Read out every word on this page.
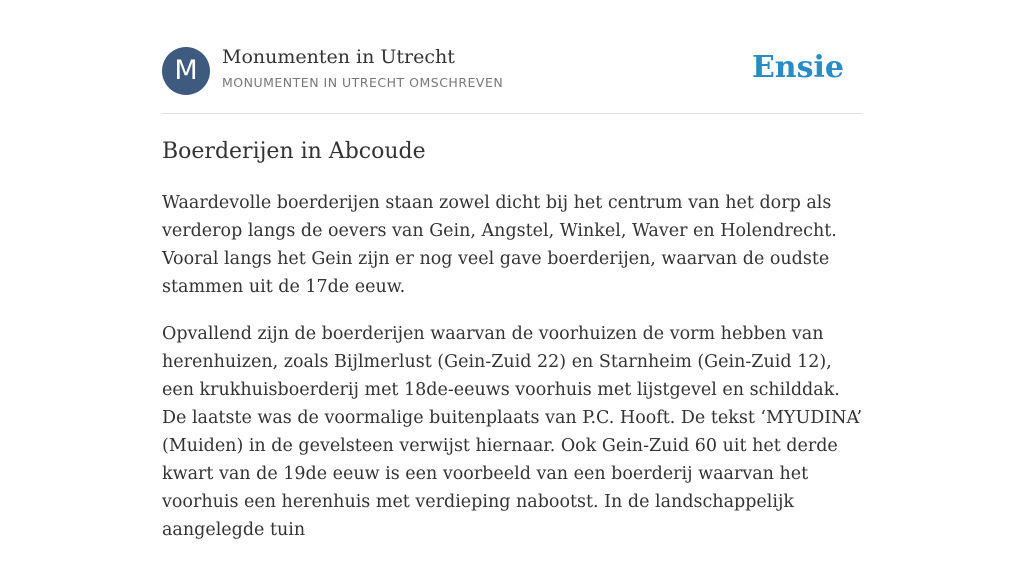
M	Monumenten in Utrecht
MONUMENTEN IN UTRECHT OMSCHREVEN	Ensie
Boerderijen in Abcoude

Waardevolle boerderijen staan zowel dicht bij het centrum van het dorp als verderop langs de oevers van Gein, Angstel, Winkel, Waver en Holendrecht. Vooral langs het Gein zijn er nog veel gave boerderijen, waarvan de oudste stammen uit de 17de eeuw.

Opvallend zijn de boerderijen waarvan de voorhuizen de vorm hebben van herenhuizen, zoals Bijlmerlust (Gein-Zuid 22) en Starnheim (Gein-Zuid 12), een krukhuisboerderij met 18de-eeuws voorhuis met lijstgevel en schilddak. De laatste was de voormalige buitenplaats van P.C. Hooft. De tekst ‘MYUDINA’ (Muiden) in de gevelsteen verwijst hiernaar. Ook Gein-Zuid 60 uit het derde kwart van de 19de eeuw is een voorbeeld van een boerderij waarvan het voorhuis een herenhuis met verdieping nabootst. In de landschappelijk aangelegde tuin
